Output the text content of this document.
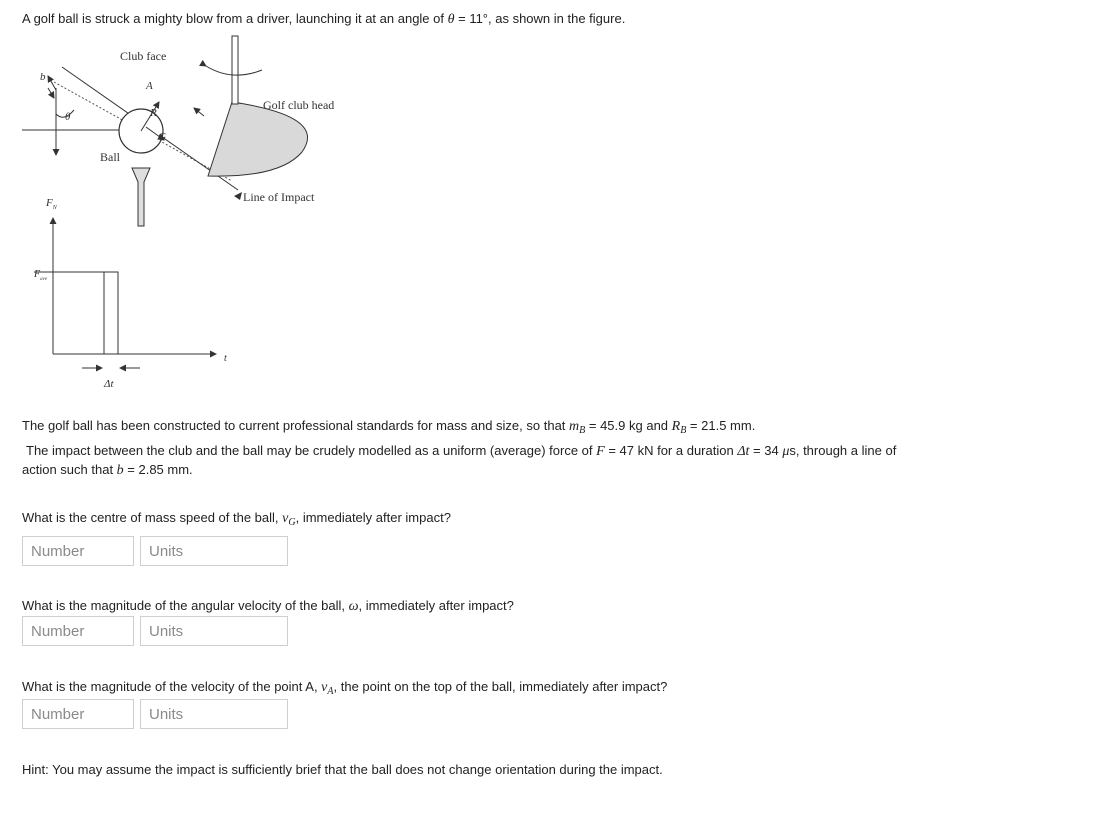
A golf ball is struck a mighty blow from a driver, launching it at an angle of θ = 11°, as shown in the figure.
Club face
Golf club head
Ball
Line of Impact
b
θ
A
R
G
$F_N$
$F_{ave}$
t
Δt
The golf ball has been constructed to current professional standards for mass and size, so that $m_B = 45.9$ kg and $R_B = 21.5$ mm.
The impact between the club and the ball may be crudely modelled as a uniform (average) force of F = 47 kN for a duration Δt = 34 μs, through a line of
action such that b = 2.85 mm.
What is the centre of mass speed of the ball, $v_G$, immediately after impact?
Number
Units
What is the magnitude of the angular velocity of the ball, ω, immediately after impact?
Number
Units
What is the magnitude of the velocity of the point A, $v_A$, the point on the top of the ball, immediately after impact?
Number
Units
Hint: You may assume the impact is sufficiently brief that the ball does not change orientation during the impact.
